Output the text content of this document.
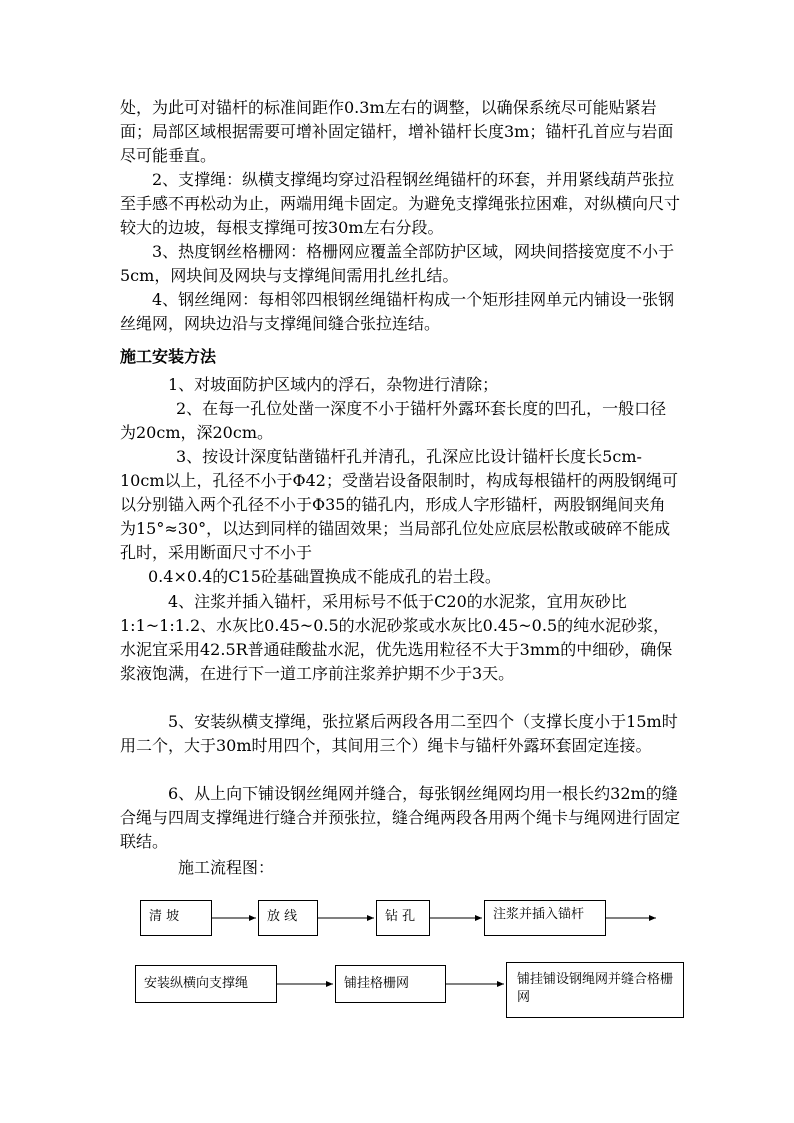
处，为此可对锚杆的标准间距作0.3m左右的调整，以确保系统尽可能贴紧岩面；局部区域根据需要可增补固定锚杆，增补锚杆长度3m；锚杆孔首应与岩面尽可能垂直。

2、支撑绳：纵横支撑绳均穿过沿程钢丝绳锚杆的环套，并用紧线葫芦张拉至手感不再松动为止，两端用绳卡固定。为避免支撑绳张拉困难，对纵横向尺寸较大的边坡，每根支撑绳可按30m左右分段。

3、热度钢丝格栅网：格栅网应覆盖全部防护区域，网块间搭接宽度不小于5cm，网块间及网块与支撑绳间需用扎丝扎结。

4、钢丝绳网：每相邻四根钢丝绳锚杆构成一个矩形挂网单元内铺设一张钢丝绳网，网块边沿与支撑绳间缝合张拉连结。

施工安装方法

1、对坡面防护区域内的浮石，杂物进行清除；

2、在每一孔位处凿一深度不小于锚杆外露环套长度的凹孔，一般口径为20cm，深20cm。

3、按设计深度钻凿锚杆孔并清孔，孔深应比设计锚杆长度长5cm-10cm以上，孔径不小于Φ42；受凿岩设备限制时，构成每根锚杆的两股钢绳可以分别锚入两个孔径不小于Φ35的锚孔内，形成人字形锚杆，两股钢绳间夹角为15°≈30°，以达到同样的锚固效果；当局部孔位处应底层松散或破碎不能成孔时，采用断面尺寸不小于

0.4×0.4的C15砼基础置换成不能成孔的岩土段。

4、注浆并插入锚杆，采用标号不低于C20的水泥浆，宜用灰砂比1:1~1:1.2、水灰比0.45~0.5的水泥砂浆或水灰比0.45~0.5的纯水泥砂浆，水泥宜采用42.5R普通硅酸盐水泥，优先选用粒径不大于3mm的中细砂，确保浆液饱满，在进行下一道工序前注浆养护期不少于3天。

5、安装纵横支撑绳，张拉紧后两段各用二至四个（支撑长度小于15m时用二个，大于30m时用四个，其间用三个）绳卡与锚杆外露环套固定连接。

6、从上向下铺设钢丝绳网并缝合，每张钢丝绳网均用一根长约32m的缝合绳与四周支撑绳进行缝合并预张拉，缝合绳两段各用两个绳卡与绳网进行固定联结。

施工流程图：

清 坡	放 线	钻 孔	注浆并插入锚杆
安装纵横向支撑绳	铺挂格栅网	铺挂铺设钢绳网并缝合格栅网
